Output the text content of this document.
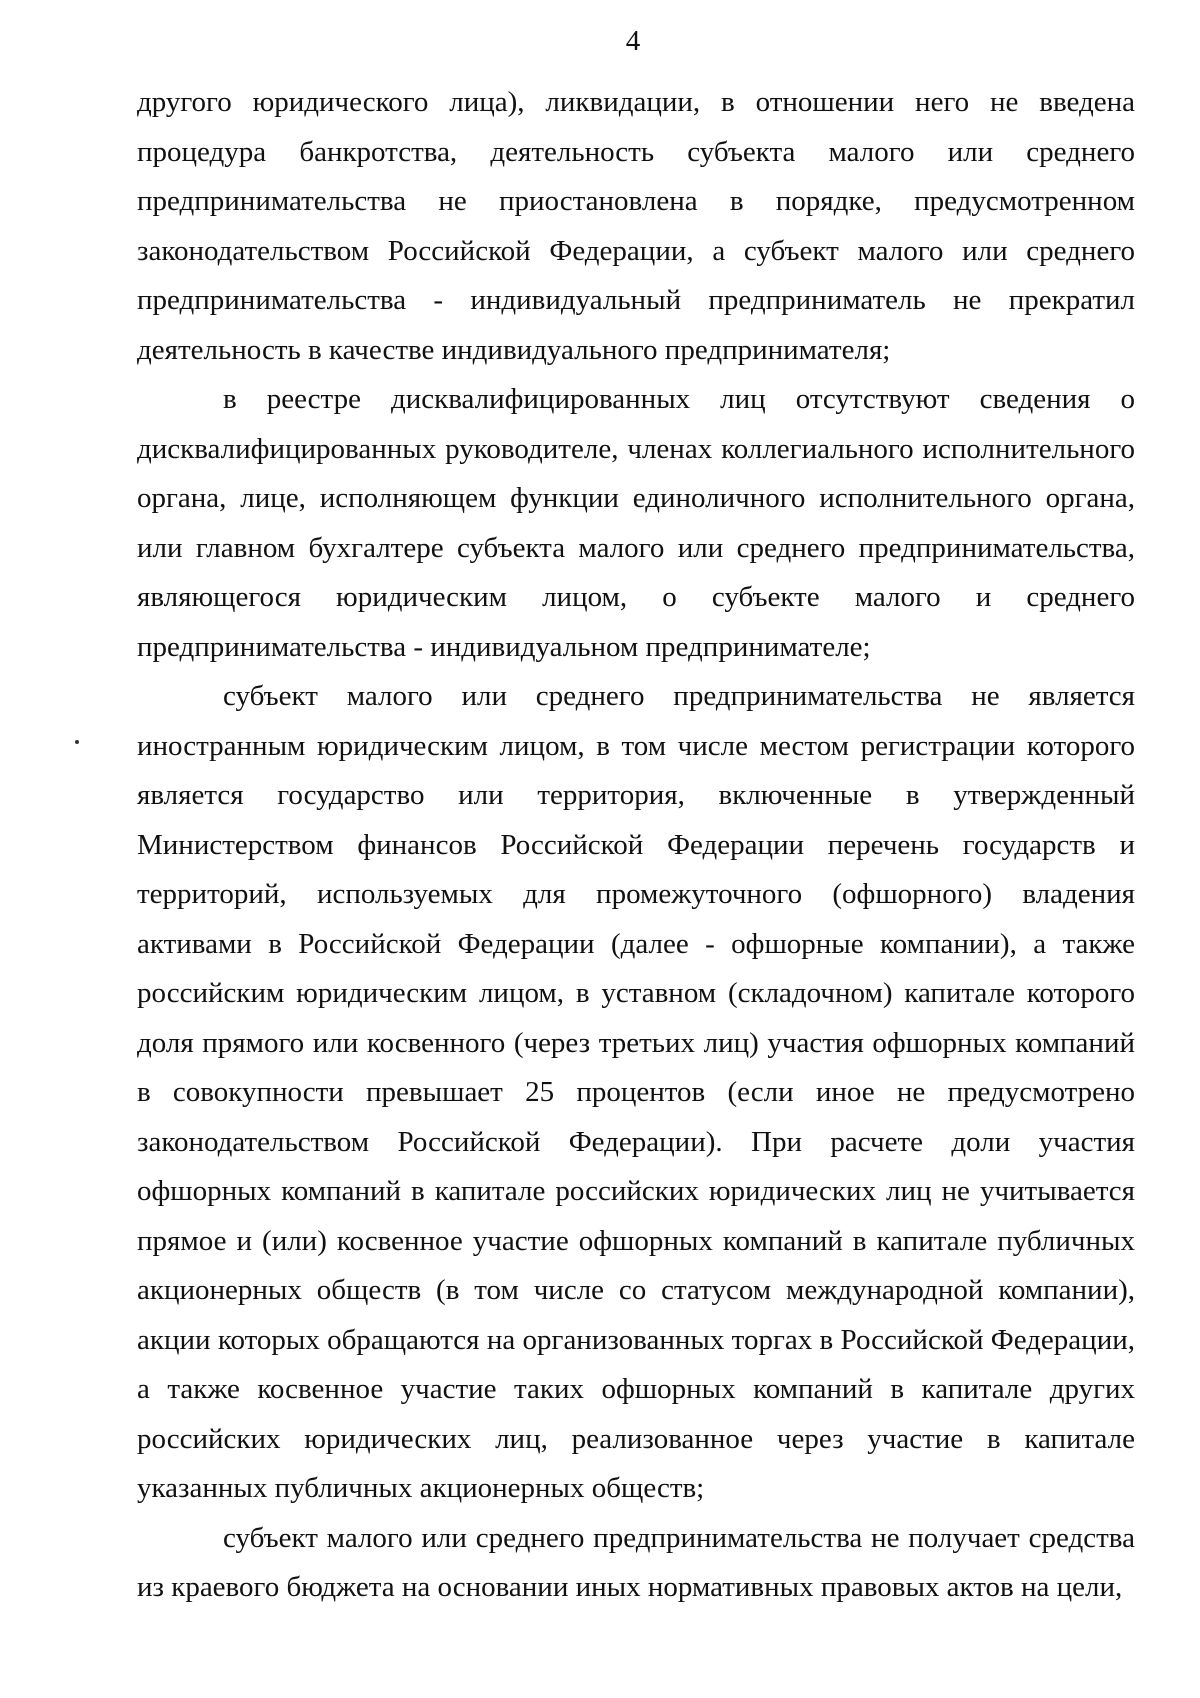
4

другого юридического лица), ликвидации, в отношении него не введена процедура банкротства, деятельность субъекта малого или среднего предпринимательства не приостановлена в порядке, предусмотренном законодательством Российской Федерации, а субъект малого или среднего предпринимательства - индивидуальный предприниматель не прекратил деятельность в качестве индивидуального предпринимателя;

в реестре дисквалифицированных лиц отсутствуют сведения о дисквалифицированных руководителе, членах коллегиального исполнительного органа, лице, исполняющем функции единоличного исполнительного органа, или главном бухгалтере субъекта малого или среднего предпринимательства, являющегося юридическим лицом, о субъекте малого и среднего предпринимательства - индивидуальном предпринимателе;

субъект малого или среднего предпринимательства не является иностранным юридическим лицом, в том числе местом регистрации которого является государство или территория, включенные в утвержденный Министерством финансов Российской Федерации перечень государств и территорий, используемых для промежуточного (офшорного) владения активами в Российской Федерации (далее - офшорные компании), а также российским юридическим лицом, в уставном (складочном) капитале которого доля прямого или косвенного (через третьих лиц) участия офшорных компаний в совокупности превышает 25 процентов (если иное не предусмотрено законодательством Российской Федерации). При расчете доли участия офшорных компаний в капитале российских юридических лиц не учитывается прямое и (или) косвенное участие офшорных компаний в капитале публичных акционерных обществ (в том числе со статусом международной компании), акции которых обращаются на организованных торгах в Российской Федерации, а также косвенное участие таких офшорных компаний в капитале других российских юридических лиц, реализованное через участие в капитале указанных публичных акционерных обществ;

субъект малого или среднего предпринимательства не получает средства из краевого бюджета на основании иных нормативных правовых актов на цели,
